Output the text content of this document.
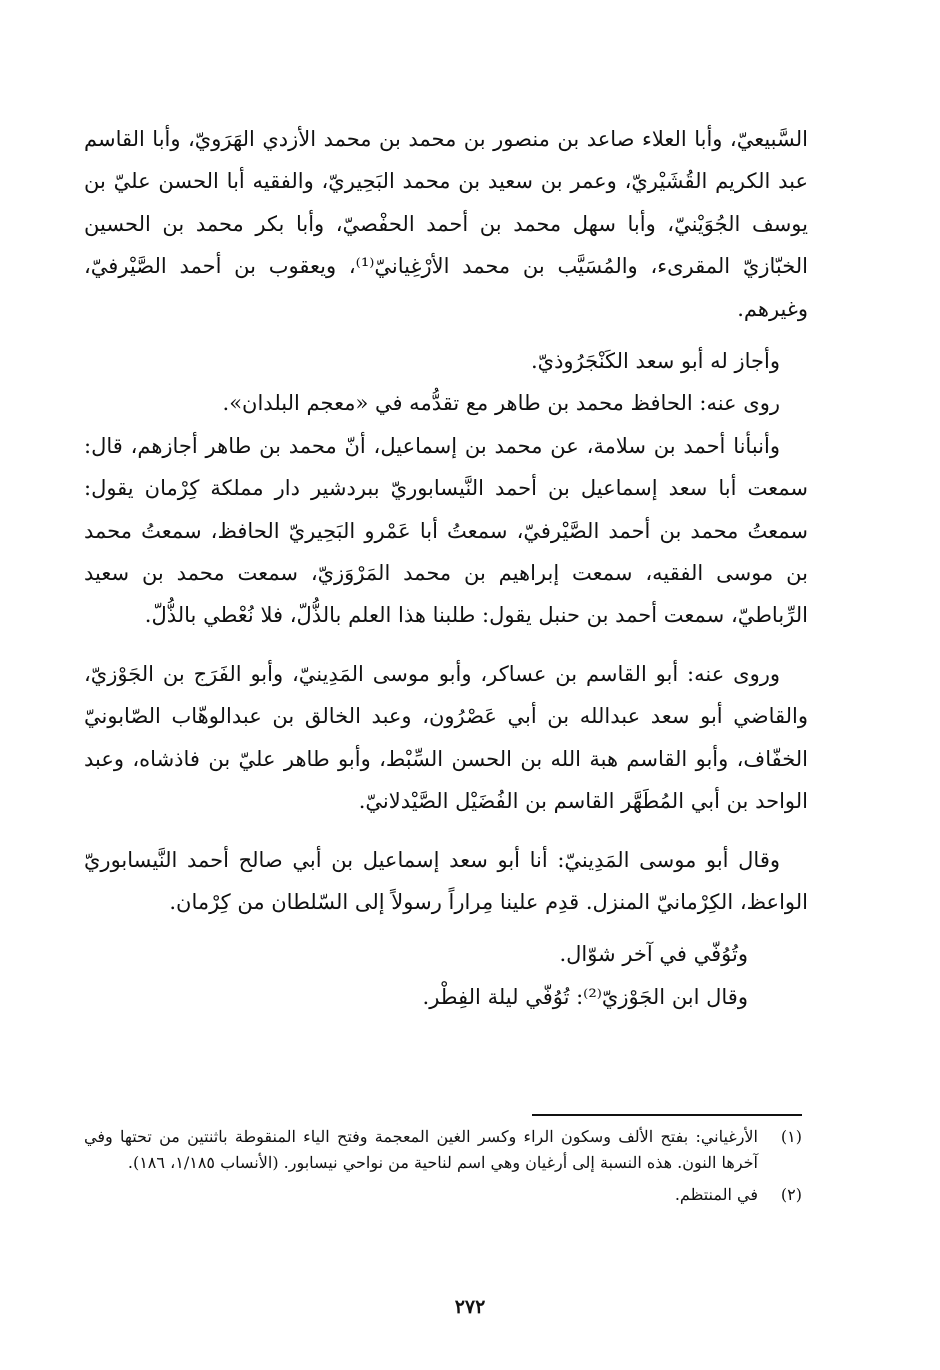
السَّبيعيّ، وأبا العلاء صاعد بن منصور بن محمد بن محمد الأزدي الهَرَويّ، وأبا القاسم عبد الكريم القُشَيْريّ، وعمر بن سعيد بن محمد البَحِيريّ، والفقيه أبا الحسن عليّ بن يوسف الجُوَيْنيّ، وأبا سهل محمد بن أحمد الحفْصيّ، وأبا بكر محمد بن الحسين الخبّازيّ المقرىء، والمُسَيَّب بن محمد الأرْغِيانيّ⁽¹⁾، ويعقوب بن أحمد الصَّيْرفيّ، وغيرهم.

وأجاز له أبو سعد الكَنْجَرُوذيّ.

روى عنه: الحافظ محمد بن طاهر مع تقدُّمه في «معجم البلدان».

وأنبأنا أحمد بن سلامة، عن محمد بن إسماعيل، أنّ محمد بن طاهر أجازهم، قال: سمعت أبا سعد إسماعيل بن أحمد النَّيسابوريّ ببردشير دار مملكة كِرْمان يقول: سمعتُ محمد بن أحمد الصَّيْرفيّ، سمعتُ أبا عَمْرو البَحِيريّ الحافظ، سمعتُ محمد بن موسى الفقيه، سمعت إبراهيم بن محمد المَرْوَزيّ، سمعت محمد بن سعيد الرِّباطيّ، سمعت أحمد بن حنبل يقول: طلبنا هذا العلم بالذُّلّ، فلا نُعْطي بالذُّلّ.

وروى عنه: أبو القاسم بن عساكر، وأبو موسى المَدِينيّ، وأبو الفَرَج بن الجَوْزيّ، والقاضي أبو سعد عبدالله بن أبي عَصْرُون، وعبد الخالق بن عبدالوهّاب الصّابونيّ الخفّاف، وأبو القاسم هبة الله بن الحسن السِّبْط، وأبو طاهر عليّ بن فاذشاه، وعبد الواحد بن أبي المُطَهَّر القاسم بن الفُضَيْل الصَّيْدلانيّ.

وقال أبو موسى المَدِينيّ: أنا أبو سعد إسماعيل بن أبي صالح أحمد النَّيسابوريّ الواعظ، الكِرْمانيّ المنزل. قدِم علينا مِراراً رسولاً إلى السّلطان من كِرْمان.

وتُوُفّي في آخر شوّال.

وقال ابن الجَوْزيّ⁽²⁾: تُوُفّي ليلة الفِطْر.

(١)
الأرغياني: بفتح الألف وسكون الراء وكسر الغين المعجمة وفتح الياء المنقوطة باثنتين من تحتها وفي آخرها النون. هذه النسبة إلى أرغيان وهي اسم لناحية من نواحي نيسابور. (الأنساب ١/١٨٥، ١٨٦).
(٢)
في المنتظم.
٢٧٢
